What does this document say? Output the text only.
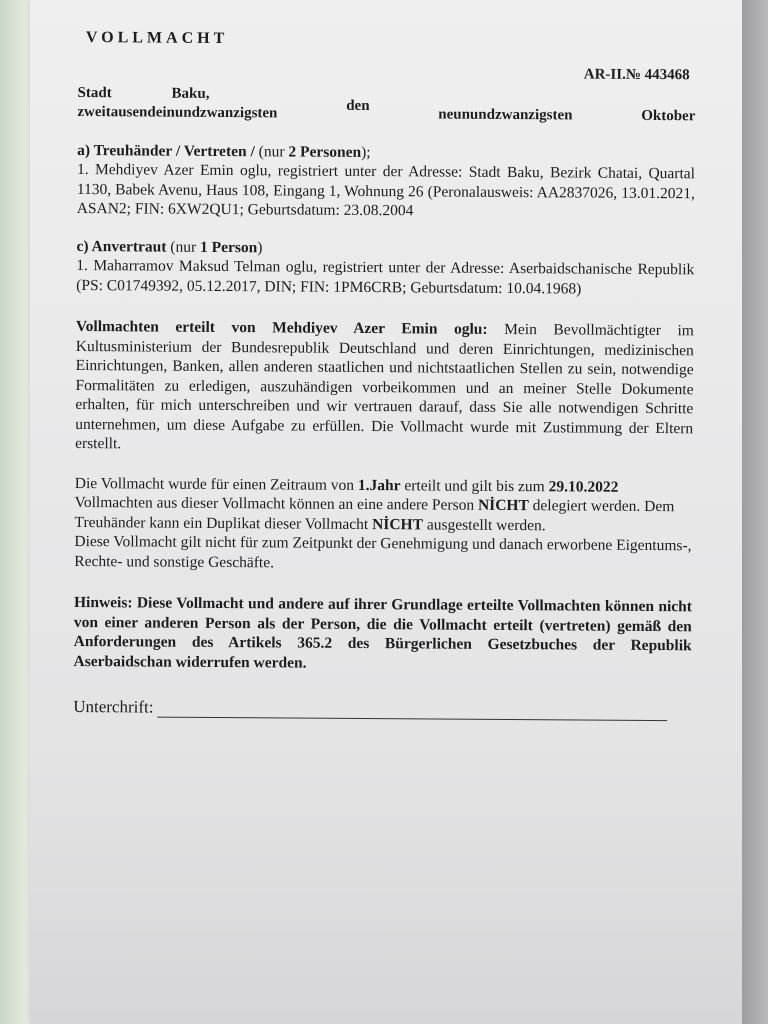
VOLLMACHT
AR-II.№ 443468
Stadt	Baku,
zweitausendeinundzwanzigsten	den
neunundzwanzigsten	Oktober
a) Treuhänder / Vertreten / (nur 2 Personen);

1. Mehdiyev Azer Emin oglu, registriert unter der Adresse: Stadt Baku, Bezirk Chatai, Quartal 1130, Babek Avenu, Haus 108, Eingang 1, Wohnung 26 (Peronalausweis: AA2837026, 13.01.2021, ASAN2; FIN: 6XW2QU1; Geburtsdatum: 23.08.2004

c) Anvertraut (nur 1 Person)

1. Maharramov Maksud Telman oglu, registriert unter der Adresse: Aserbaidschanische Republik (PS: C01749392, 05.12.2017, DIN; FIN: 1PM6CRB; Geburtsdatum: 10.04.1968)

Vollmachten erteilt von Mehdiyev Azer Emin oglu: Mein Bevollmächtigter im Kultusministerium der Bundesrepublik Deutschland und deren Einrichtungen, medizinischen Einrichtungen, Banken, allen anderen staatlichen und nichtstaatlichen Stellen zu sein, notwendige Formalitäten zu erledigen, auszuhändigen vorbeikommen und an meiner Stelle Dokumente erhalten, für mich unterschreiben und wir vertrauen darauf, dass Sie alle notwendigen Schritte unternehmen, um diese Aufgabe zu erfüllen. Die Vollmacht wurde mit Zustimmung der Eltern erstellt.

Die Vollmacht wurde für einen Zeitraum von 1.Jahr erteilt und gilt bis zum 29.10.2022

Vollmachten aus dieser Vollmacht können an eine andere Person NİCHT delegiert werden. Dem Treuhänder kann ein Duplikat dieser Vollmacht NİCHT ausgestellt werden.

Diese Vollmacht gilt nicht für zum Zeitpunkt der Genehmigung und danach erworbene Eigentums-, Rechte- und sonstige Geschäfte.

Hinweis: Diese Vollmacht und andere auf ihrer Grundlage erteilte Vollmachten können nicht von einer anderen Person als der Person, die die Vollmacht erteilt (vertreten) gemäß den Anforderungen des Artikels 365.2 des Bürgerlichen Gesetzbuches der Republik Aserbaidschan widerrufen werden.

Unterchrift:
